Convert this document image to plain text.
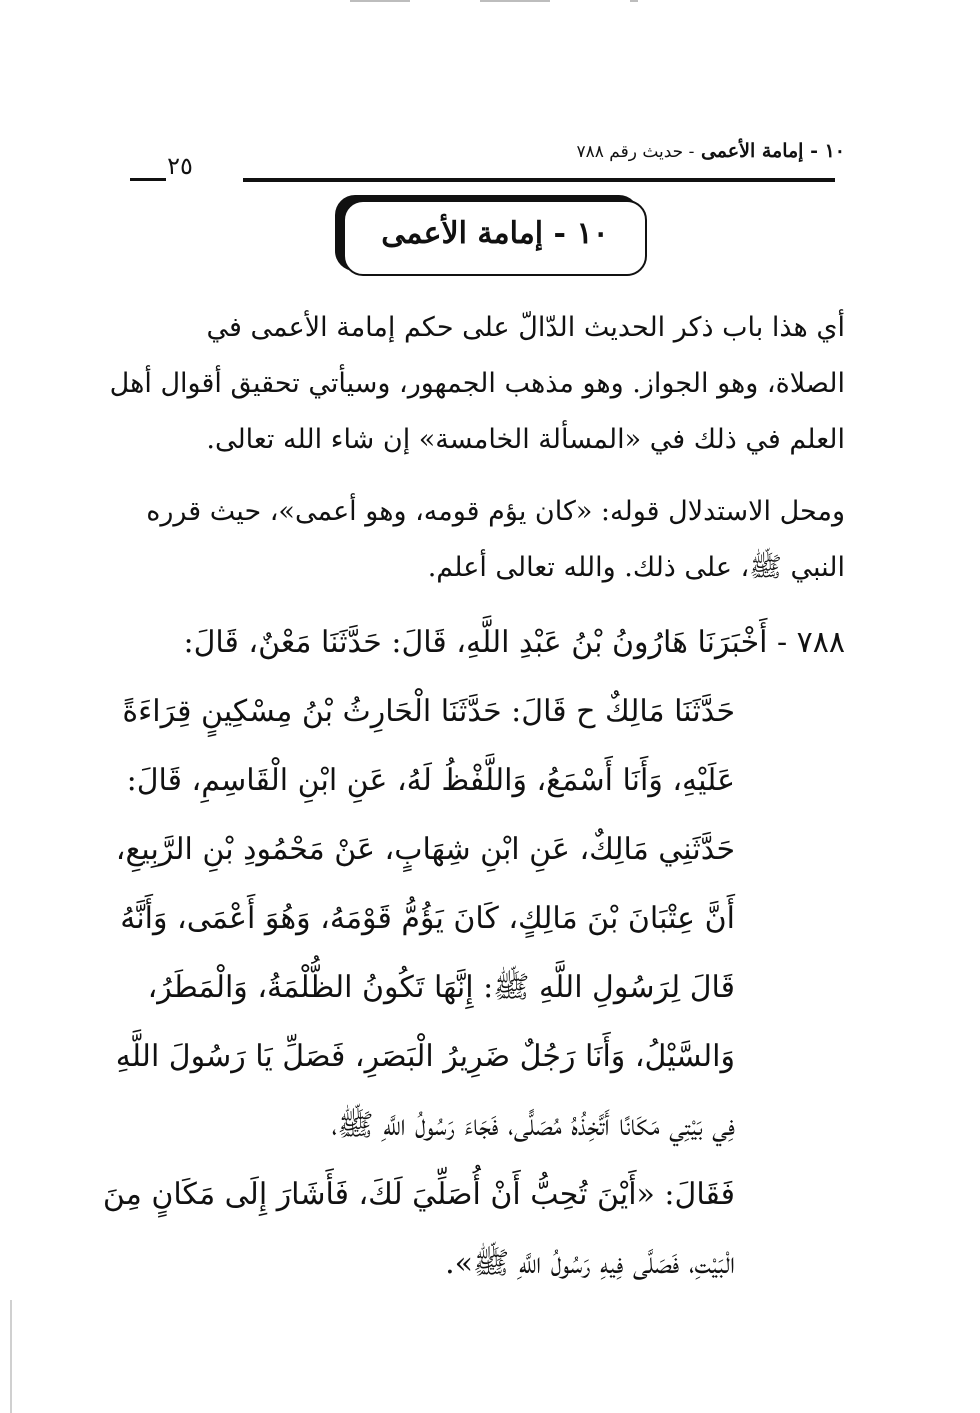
٢٥
١٠ - إمامة الأعمى - حديث رقم ٧٨٨
١٠ - إمامة الأعمى
أي هذا باب ذكر الحديث الدّالّ على حكم إمامة الأعمى في
الصلاة، وهو الجواز. وهو مذهب الجمهور، وسيأتي تحقيق أقوال أهل
العلم في ذلك في «المسألة الخامسة» إن شاء الله تعالى.
ومحل الاستدلال قوله: «كان يؤم قومه، وهو أعمى»، حيث قرره
النبي ﷺ، على ذلك. والله تعالى أعلم.
٧٨٨ - أَخْبَرَنَا هَارُونُ بْنُ عَبْدِ اللَّهِ، قَالَ: حَدَّثَنَا مَعْنٌ، قَالَ:
حَدَّثَنَا مَالِكٌ ح قَالَ: حَدَّثَنَا الْحَارِثُ بْنُ مِسْكِينٍ قِرَاءَةً
عَلَيْهِ، وَأَنَا أَسْمَعُ، وَاللَّفْظُ لَهُ، عَنِ ابْنِ الْقَاسِمِ، قَالَ:
حَدَّثَنِي مَالِكٌ، عَنِ ابْنِ شِهَابٍ، عَنْ مَحْمُودِ بْنِ الرَّبِيعِ،
أَنَّ عِتْبَانَ بْنَ مَالِكٍ، كَانَ يَؤُمُّ قَوْمَهُ، وَهُوَ أَعْمَى، وَأَنَّهُ
قَالَ لِرَسُولِ اللَّهِ ﷺ: إِنَّهَا تَكُونُ الظُّلْمَةُ، وَالْمَطَرُ،
وَالسَّيْلُ، وَأَنَا رَجُلٌ ضَرِيرُ الْبَصَرِ، فَصَلِّ يَا رَسُولَ اللَّهِ
فِي بَيْتِي مَكَانًا أَتَّخِذُهُ مُصَلًّى، فَجَاءَ رَسُولُ اللَّهِ ﷺ،
فَقَالَ: «أَيْنَ تُحِبُّ أَنْ أُصَلِّيَ لَكَ، فَأَشَارَ إِلَى مَكَانٍ مِنَ
الْبَيْتِ، فَصَلَّى فِيهِ رَسُولُ اللَّهِ ﷺ».
